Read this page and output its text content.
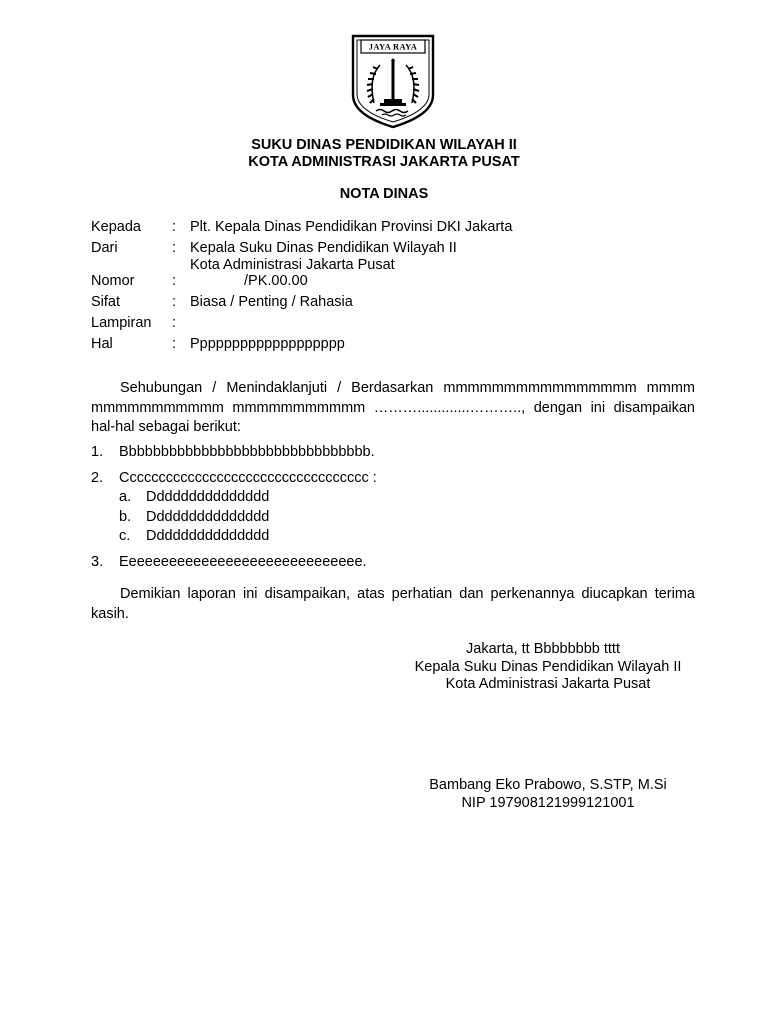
JAYA RAYA
SUKU DINAS PENDIDIKAN WILAYAH II
KOTA ADMINISTRASI JAKARTA PUSAT
NOTA DINAS
Kepada : Plt. Kepala Dinas Pendidikan Provinsi DKI Jakarta
Dari	: Kepala Suku Dinas Pendidikan Wilayah II
Kota Administrasi Jakarta Pusat
Nomor	:	/PK.00.00
Sifat	: Biasa / Penting / Rahasia
Lampiran :
Hal	: Ppppppppppppppppppp
Sehubungan / Menindaklanjuti / Berdasarkan mmmmmmmmmmmmmmmm mmmm mmmmmmmmmmm mmmmmmmmmmm ……….............……….., dengan ini disampaikan hal-hal sebagai berikut:
1. Bbbbbbbbbbbbbbbbbbbbbbbbbbbbbbb.
2. Cccccccccccccccccccccccccccccccccc :
a. Ddddddddddddddd
b. Ddddddddddddddd
c. Ddddddddddddddd
3. Eeeeeeeeeeeeeeeeeeeeeeeeeeeeee.
Demikian laporan ini disampaikan, atas perhatian dan perkenannya diucapkan terima kasih.
Jakarta, tt Bbbbbbbb tttt
Kepala Suku Dinas Pendidikan Wilayah II
Kota Administrasi Jakarta Pusat
Bambang Eko Prabowo, S.STP, M.Si
NIP 197908121999121001
